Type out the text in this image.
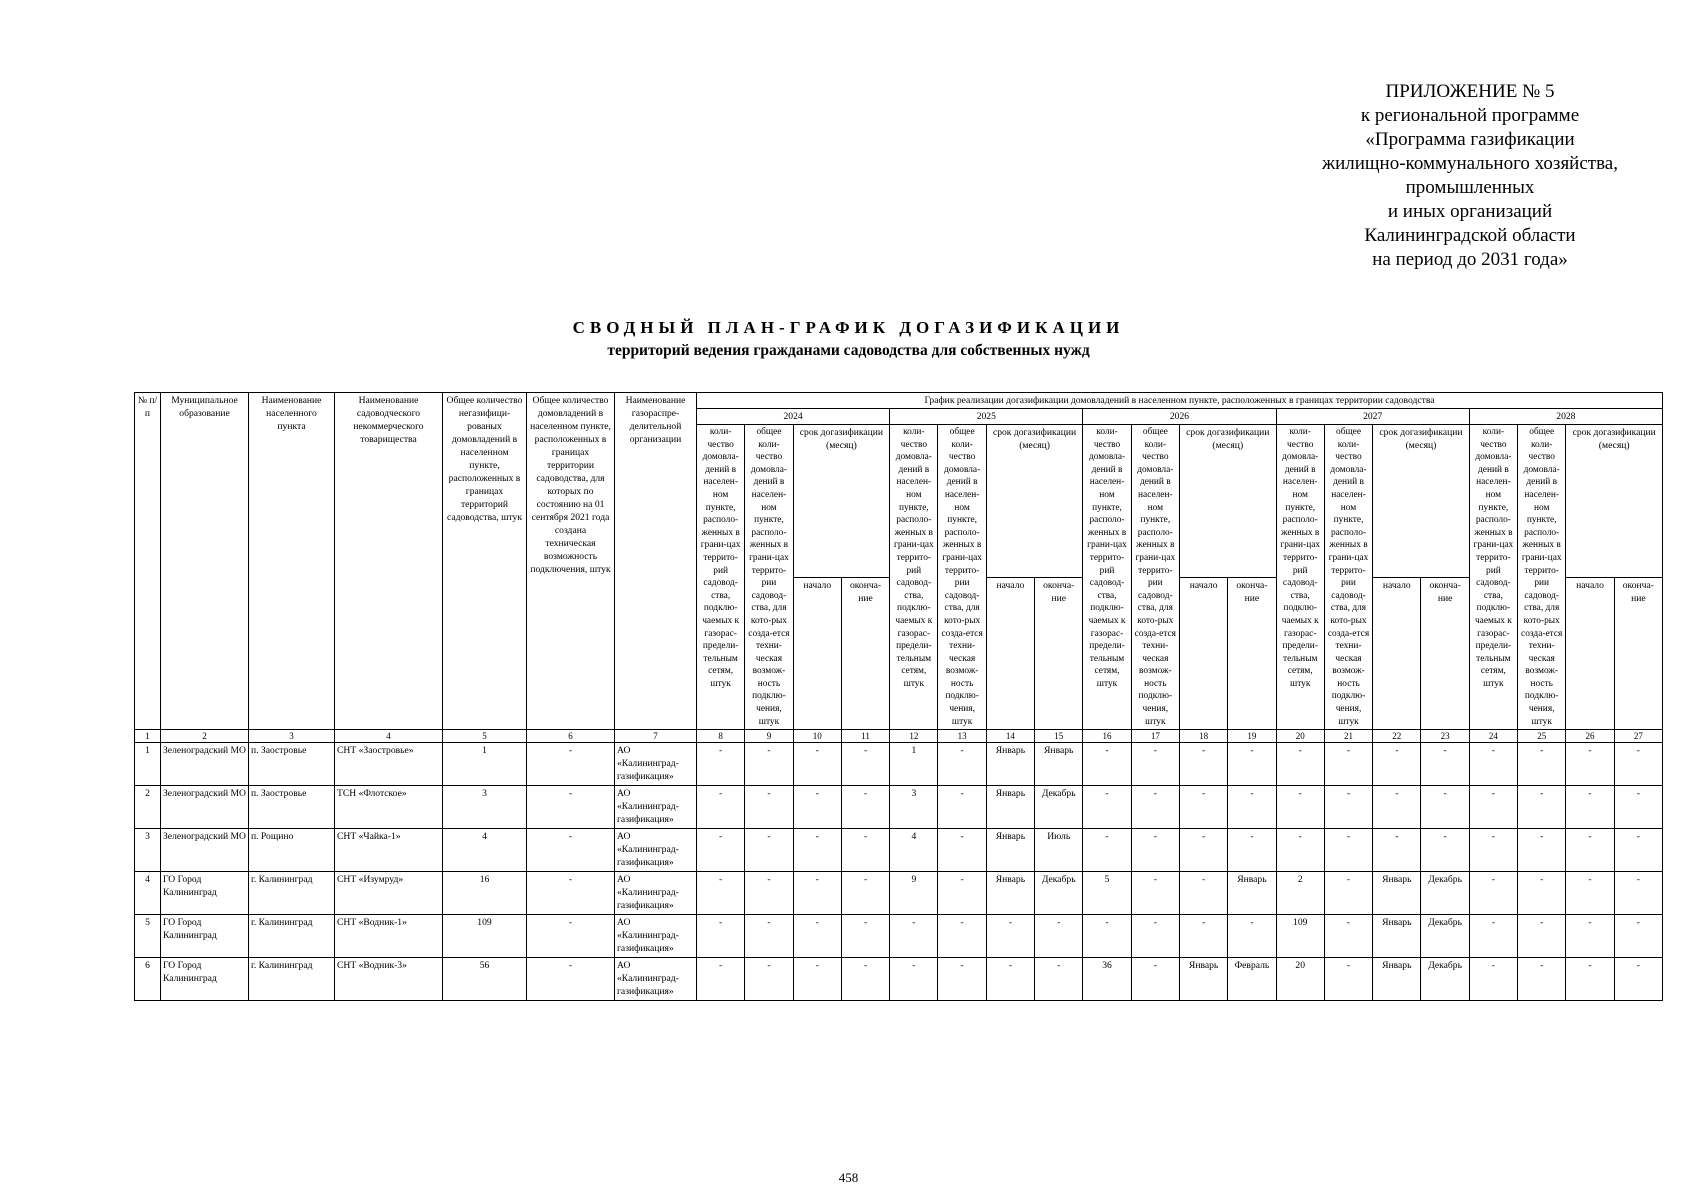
ПРИЛОЖЕНИЕ № 5
к региональной программе
«Программа газификации
жилищно-коммунального хозяйства,
промышленных
и иных организаций
Калининградской области
на период до 2031 года»
СВОДНЫЙ ПЛАН-ГРАФИК ДОГАЗИФИКАЦИИ
территорий ведения гражданами садоводства для собственных нужд
№ п/п	Муниципальное образование	Наименование населенного пункта	Наименование садоводческого некоммерческого товарищества	Общее количество негазифици-рованых домовладений в населенном пункте, расположенных в границах территорий садоводства, штук	Общее количество домовладений в населенном пункте, расположенных в границах территории садоводства, для которых по состоянию на 01 сентября 2021 года создана техническая возможность подключения, штук	Наименование газораспре-делительной организации	График реализации догазификации домовладений в населенном пункте, расположенных в границах территории садоводства																			
							2024				2025				2026				2027				2028			
							коли-чество домовла-дений в населен-ном пункте, располо-женных в грани-цах террито-рий садовод-ства, подклю-чаемых к газорас-предели-тельным сетям, штук	общее коли-чество домовла-дений в населен-ном пункте, располо-женных в грани-цах террито-рии садовод-ства, для кото-рых созда-ется техни-ческая возмож-ность подклю-чения, штук	срок догазификации (месяц)		коли-чество домовла-дений в населен-ном пункте, располо-женных в грани-цах террито-рий садовод-ства, подклю-чаемых к газорас-предели-тельным сетям, штук	общее коли-чество домовла-дений в населен-ном пункте, располо-женных в грани-цах террито-рии садовод-ства, для кото-рых созда-ется техни-ческая возмож-ность подклю-чения, штук	срок догазификации (месяц)		коли-чество домовла-дений в населен-ном пункте, располо-женных в грани-цах террито-рий садовод-ства, подклю-чаемых к газорас-предели-тельным сетям, штук	общее коли-чество домовла-дений в населен-ном пункте, располо-женных в грани-цах террито-рии садовод-ства, для кото-рых созда-ется техни-ческая возмож-ность подклю-чения, штук	срок догазификации (месяц)		коли-чество домовла-дений в населен-ном пункте, располо-женных в грани-цах террито-рий садовод-ства, подклю-чаемых к газорас-предели-тельным сетям, штук	общее коли-чество домовла-дений в населен-ном пункте, располо-женных в грани-цах террито-рии садовод-ства, для кото-рых созда-ется техни-ческая возмож-ность подклю-чения, штук	срок догазификации (месяц)		коли-чество домовла-дений в населен-ном пункте, располо-женных в грани-цах террито-рий садовод-ства, подклю-чаемых к газорас-предели-тельным сетям, штук	общее коли-чество домовла-дений в населен-ном пункте, располо-женных в грани-цах террито-рии садовод-ства, для кото-рых созда-ется техни-ческая возмож-ность подклю-чения, штук	срок догазификации (месяц)	
									начало	оконча-ние			начало	оконча-ние			начало	оконча-ние			начало	оконча-ние			начало	оконча-ние
1	2	3	4	5	6	7	8	9	10	11	12	13	14	15	16	17	18	19	20	21	22	23	24	25	26	27
1	Зеленоградский МО	п. Заостровье	СНТ «Заостровье»	1	-	АО «Калининград-газификация»	-	-	-	-	1	-	Январь	Январь	-	-	-	-	-	-	-	-	-	-	-	-
2	Зеленоградский МО	п. Заостровье	ТСН «Флотское»	3	-	АО «Калининград-газификация»	-	-	-	-	3	-	Январь	Декабрь	-	-	-	-	-	-	-	-	-	-	-	-
3	Зеленоградский МО	п. Рощино	СНТ «Чайка-1»	4	-	АО «Калининград-газификация»	-	-	-	-	4	-	Январь	Июль	-	-	-	-	-	-	-	-	-	-	-	-
4	ГО Город Калининград	г. Калининград	СНТ «Изумруд»	16	-	АО «Калининград-газификация»	-	-	-	-	9	-	Январь	Декабрь	5	-	-	Январь	2	-	Январь	Декабрь	-	-	-	-
5	ГО Город Калининград	г. Калининград	СНТ «Водник-1»	109	-	АО «Калининград-газификация»	-	-	-	-	-	-	-	-	-	-	-	-	109	-	Январь	Декабрь	-	-	-	-
6	ГО Город Калининград	г. Калининград	СНТ «Водник-3»	56	-	АО «Калининград-газификация»	-	-	-	-	-	-	-	-	36	-	Январь	Февраль	20	-	Январь	Декабрь	-	-	-	-
458
